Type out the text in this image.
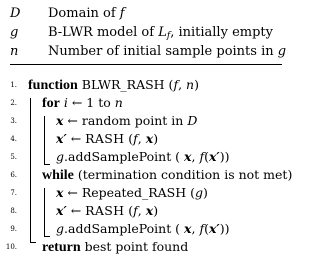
D Domain of f
g B-LWR model of $L_f$, initially empty
n Number of initial sample points in g
1. function BLWR_RASH (f, n)
2. for i ← 1 to n
3.	x ← random point in D
4.	x′ ← RASH (f, x)
5.	g.addSamplePoint ( x, f(x′))
6. while (termination condition is not met)
7.	x ← Repeated_RASH (g)
8.	x′ ← RASH (f, x)
9.	g.addSamplePoint ( x, f(x′))
10. return best point found
